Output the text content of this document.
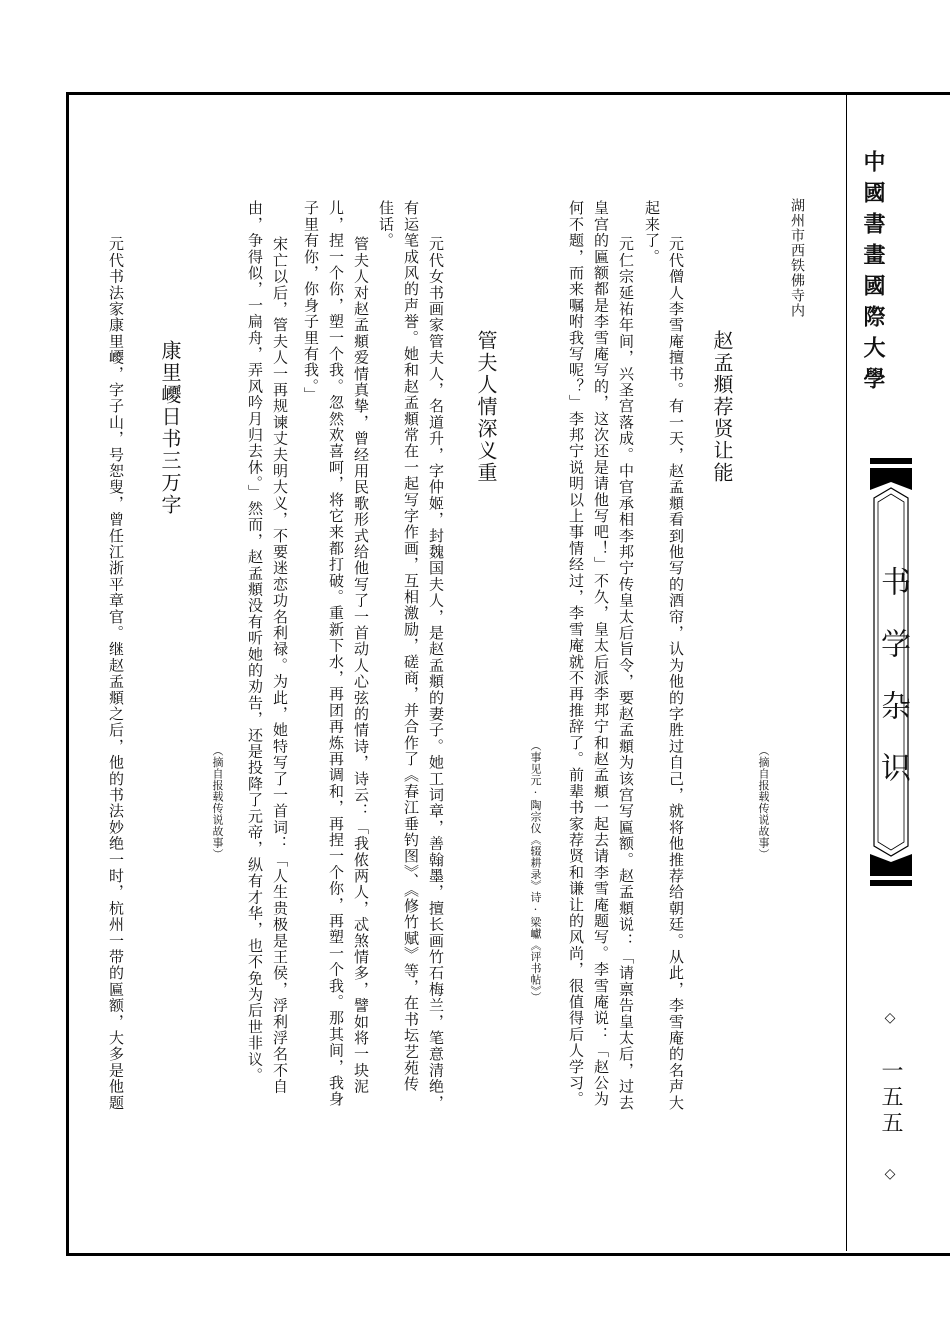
中國書畫國際大學
书学杂识
◇ 一五五 ◇
湖州市西铁佛寺内
赵孟頫荐贤让能
（摘自报载传说故事）
元代僧人李雪庵擅书。有一天，赵孟頫看到他写的酒帘，认为他的字胜过自己，就将他推荐给朝廷。从此，李雪庵的名声大
起来了。
元仁宗延祐年间，兴圣宫落成。中官承相李邦宁传皇太后旨令，要赵孟頫为该宫写匾额。赵孟頫说：「请禀告皇太后，过去
皇宫的匾额都是李雪庵写的，这次还是请他写吧！」不久，皇太后派李邦宁和赵孟頫一起去请李雪庵题写。李雪庵说：「赵公为
何不题，而来嘱咐我写呢？」李邦宁说明以上事情经过，李雪庵就不再推辞了。前辈书家荐贤和谦让的风尚，很值得后人学习。
（事见元·陶宗仪《辍耕录》诗·梁巘《评书帖》）
管夫人情深义重
元代女书画家管夫人，名道升，字仲姬，封魏国夫人，是赵孟頫的妻子。她工词章，善翰墨，擅长画竹石梅兰，笔意清绝，
有运笔成风的声誉。她和赵孟頫常在一起写字作画，互相激励，磋商，并合作了《春江垂钓图》、《修竹赋》等，在书坛艺苑传
佳话。
管夫人对赵孟頫爱情真挚，曾经用民歌形式给他写了一首动人心弦的情诗，诗云：「我侬两人，忒煞情多，譬如将一块泥
儿，捏一个你，塑一个我。忽然欢喜呵，将它来都打破。重新下水，再团再炼再调和，再捏一个你，再塑一个我。那其间，我身
子里有你，你身子里有我。」
宋亡以后，管夫人一再规谏丈夫明大义，不要迷恋功名利禄。为此，她特写了一首词：「人生贵极是王侯，浮利浮名不自
由，争得似，一扁舟，弄风吟月归去休。」然而，赵孟頫没有听她的劝告，还是投降了元帝，纵有才华，也不免为后世非议。
（摘自报载传说故事）
康里巎日书三万字
元代书法家康里巎，字子山，号恕叟，曾任江浙平章官。继赵孟頫之后，他的书法妙绝一时，杭州一带的匾额，大多是他题
